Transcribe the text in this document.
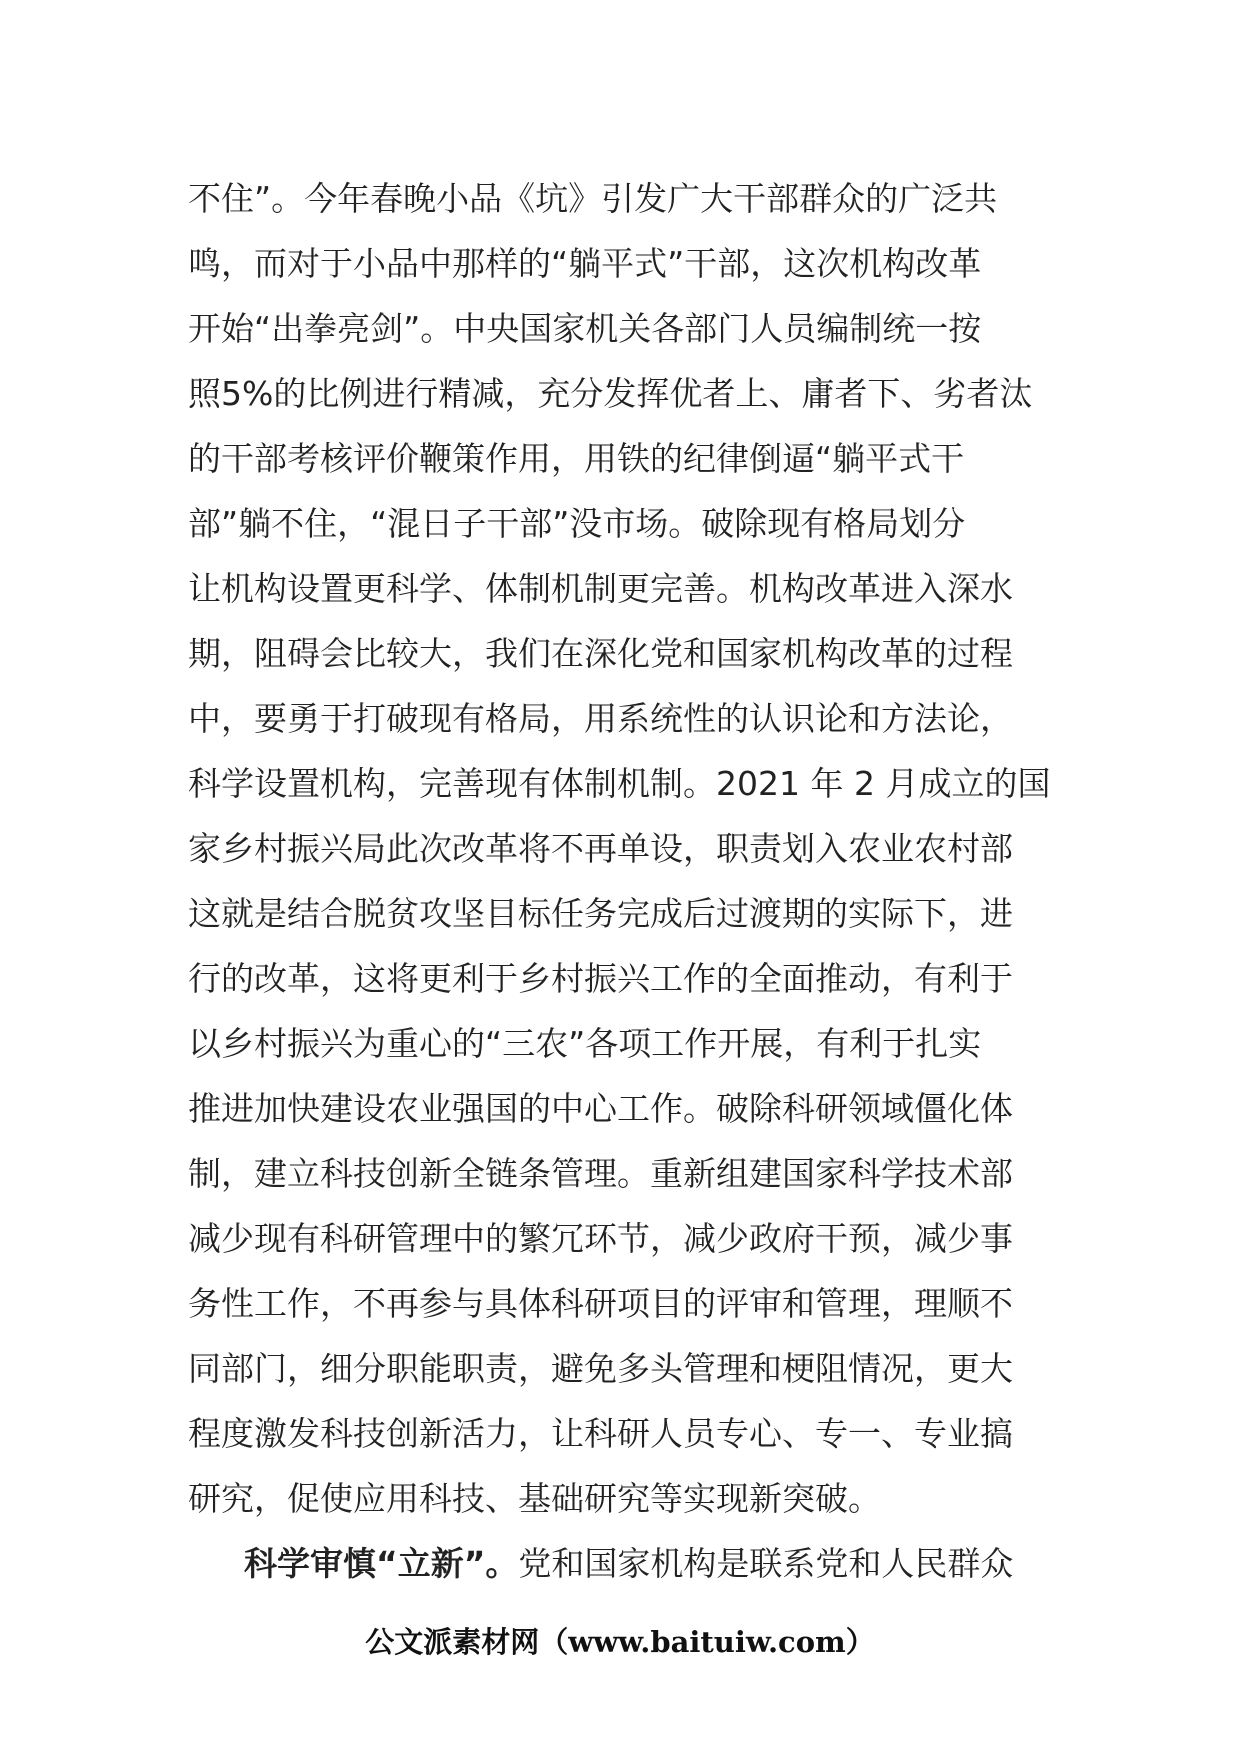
不住”。今年春晚小品《坑》引发广大干部群众的广泛共
鸣，而对于小品中那样的“躺平式”干部，这次机构改革
开始“出拳亮剑”。中央国家机关各部门人员编制统一按
照5%的比例进行精减，充分发挥优者上、庸者下、劣者汰
的干部考核评价鞭策作用，用铁的纪律倒逼“躺平式干
部”躺不住，“混日子干部”没市场。破除现有格局划分
让机构设置更科学、体制机制更完善。机构改革进入深水
期，阻碍会比较大，我们在深化党和国家机构改革的过程
中，要勇于打破现有格局，用系统性的认识论和方法论，
科学设置机构，完善现有体制机制。2021 年 2 月成立的国
家乡村振兴局此次改革将不再单设，职责划入农业农村部
这就是结合脱贫攻坚目标任务完成后过渡期的实际下，进
行的改革，这将更利于乡村振兴工作的全面推动，有利于
以乡村振兴为重心的“三农”各项工作开展，有利于扎实
推进加快建设农业强国的中心工作。破除科研领域僵化体
制，建立科技创新全链条管理。重新组建国家科学技术部
减少现有科研管理中的繁冗环节，减少政府干预，减少事
务性工作，不再参与具体科研项目的评审和管理，理顺不
同部门，细分职能职责，避免多头管理和梗阻情况，更大
程度激发科技创新活力，让科研人员专心、专一、专业搞
研究，促使应用科技、基础研究等实现新突破。
科学审慎“立新”。党和国家机构是联系党和人民群众
公文派素材网（www.baituiw.com）
